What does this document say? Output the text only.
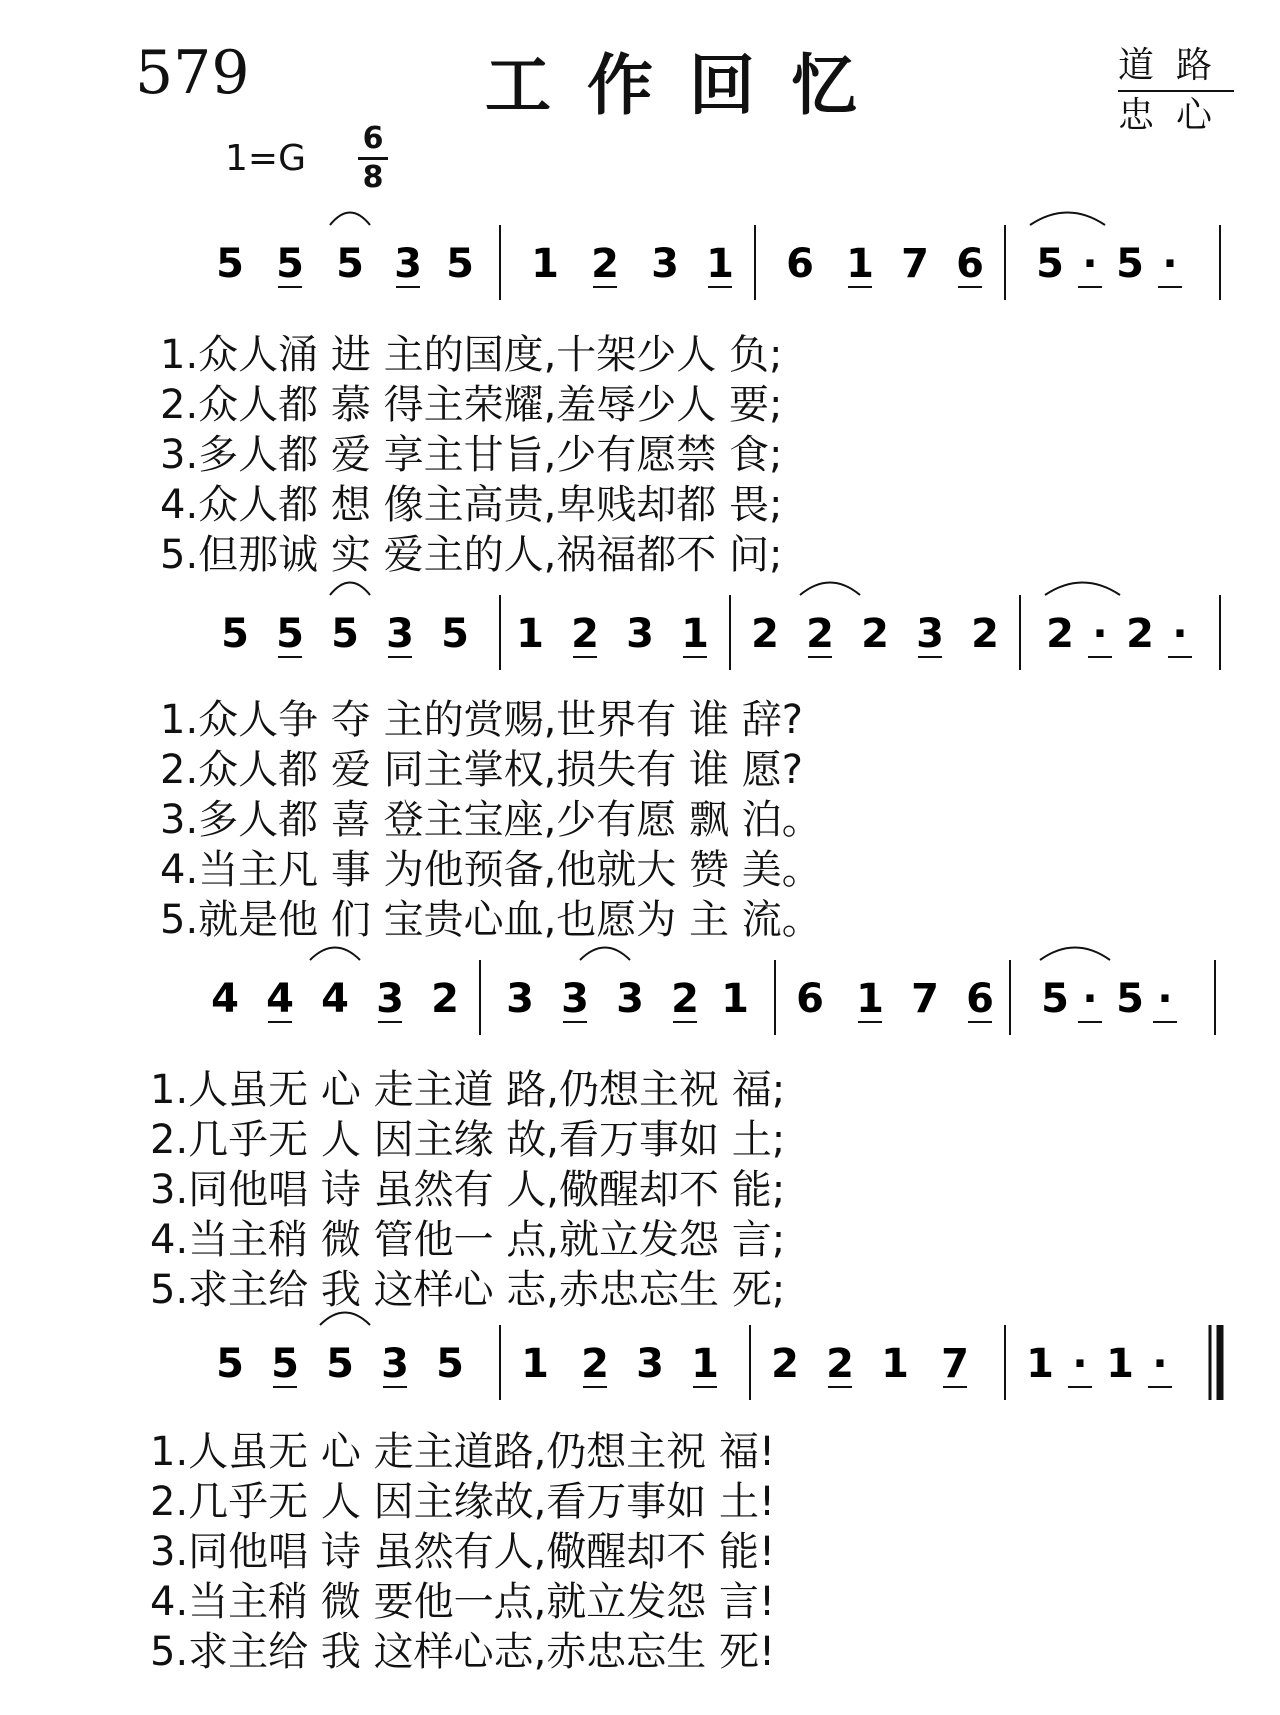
579	工作回忆	道路
忠心
1=G 6
8
5 5 5 3 5 1 2 3 1 6 1 7 6 5 · 5 ·
5 5 5 3 5 1 2 3 1 2 2 2 3 2 2 · 2 ·
4 4 4 3 2 3 3 3 2 1 6 1 7 6 5 · 5 ·
5 5 5 3 5 1 2 3 1 2 2 1 7 1 · 1 ·
1.众人涌 进 主的国度,十架少人 负;
2.众人都 慕 得主荣耀,羞辱少人 要;
3.多人都 爱 享主甘旨,少有愿禁 食;
4.众人都 想 像主高贵,卑贱却都 畏;
5.但那诚 实 爱主的人,祸福都不 问;
1.众人争 夺 主的赏赐,世界有 谁 辞?
2.众人都 爱 同主掌权,损失有 谁 愿?
3.多人都 喜 登主宝座,少有愿 飘 泊。
4.当主凡 事 为他预备,他就大 赞 美。
5.就是他 们 宝贵心血,也愿为 主 流。
1.人虽无 心 走主道 路,仍想主祝 福;
2.几乎无 人 因主缘 故,看万事如 土;
3.同他唱 诗 虽然有 人,儆醒却不 能;
4.当主稍 微 管他一 点,就立发怨 言;
5.求主给 我 这样心 志,赤忠忘生 死;
1.人虽无 心 走主道路,仍想主祝 福!
2.几乎无 人 因主缘故,看万事如 土!
3.同他唱 诗 虽然有人,儆醒却不 能!
4.当主稍 微 要他一点,就立发怨 言!
5.求主给 我 这样心志,赤忠忘生 死!
